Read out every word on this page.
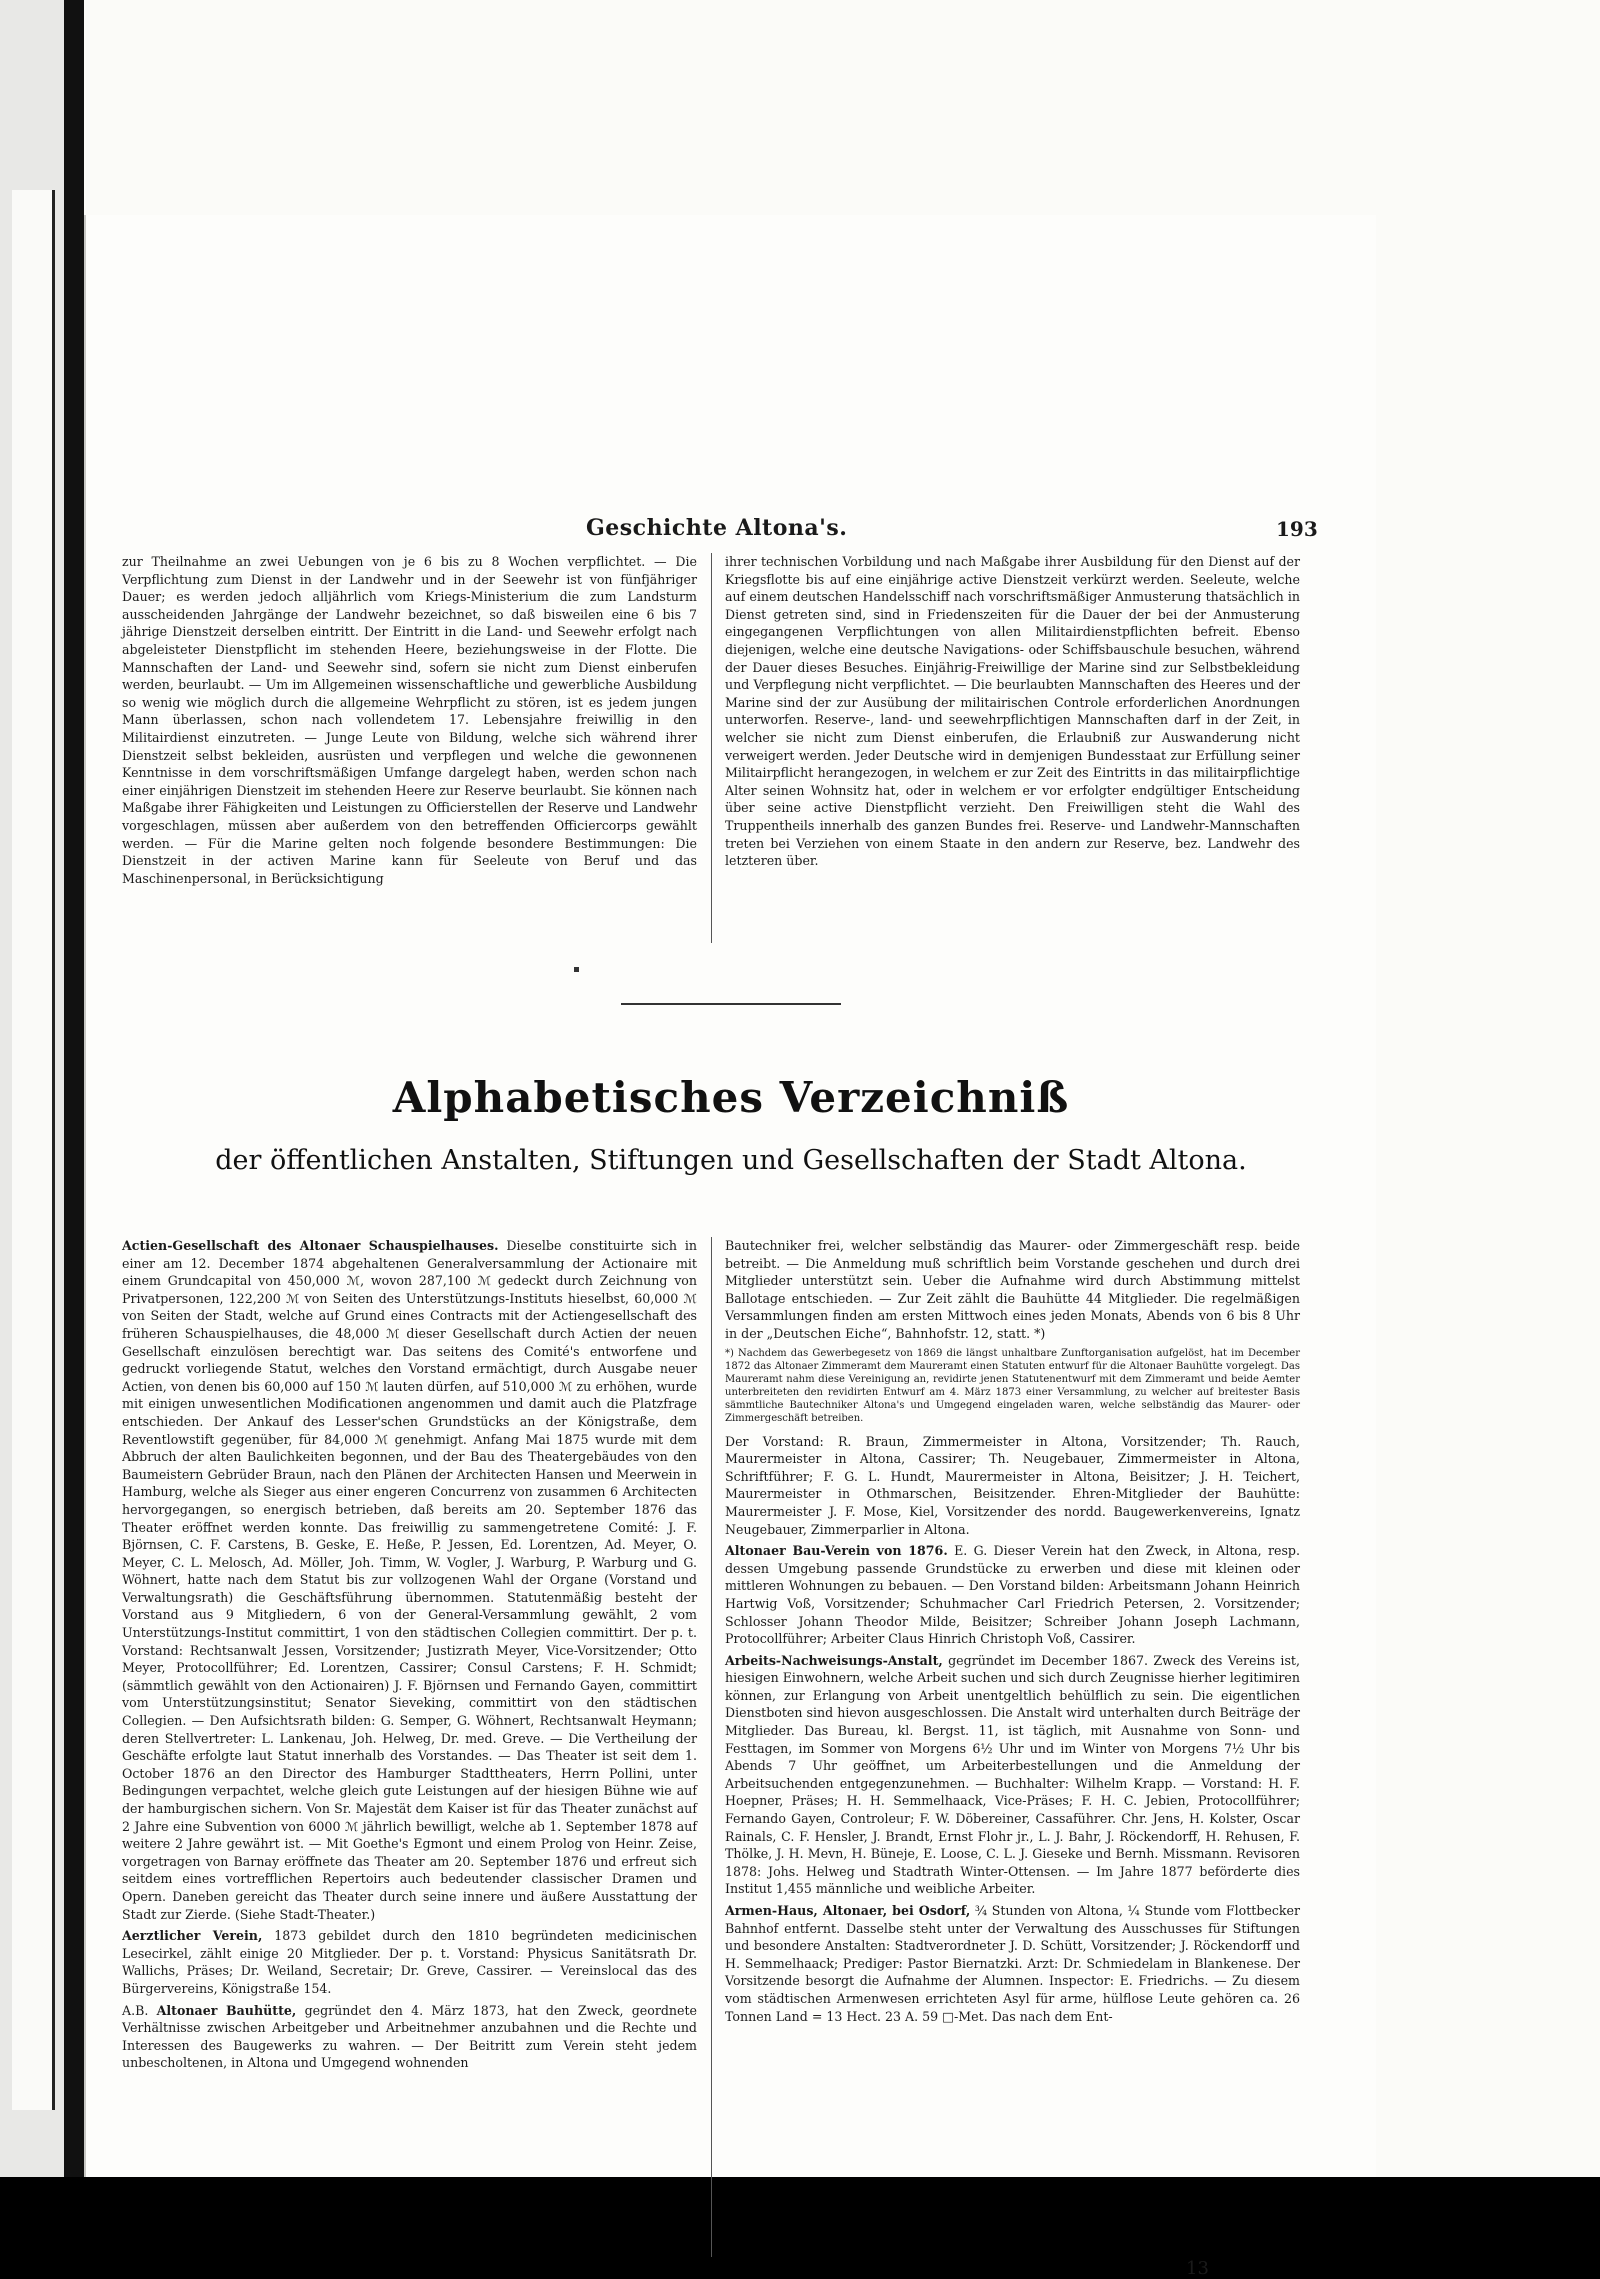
Geschichte Altona's.	193

zur Theilnahme an zwei Uebungen von je 6 bis zu 8 Wochen verpflichtet. — Die Verpflichtung zum Dienst in der Landwehr und in der Seewehr ist von fünfjähriger Dauer; es werden jedoch alljährlich vom Kriegs-Ministerium die zum Landsturm ausscheidenden Jahrgänge der Landwehr bezeichnet, so daß bisweilen eine 6 bis 7 jährige Dienstzeit derselben eintritt. Der Eintritt in die Land- und Seewehr erfolgt nach abgeleisteter Dienstpflicht im stehenden Heere, beziehungsweise in der Flotte. Die Mannschaften der Land- und Seewehr sind, sofern sie nicht zum Dienst einberufen werden, beurlaubt. — Um im Allgemeinen wissenschaftliche und gewerbliche Ausbildung so wenig wie möglich durch die allgemeine Wehrpflicht zu stören, ist es jedem jungen Mann überlassen, schon nach vollendetem 17. Lebensjahre freiwillig in den Militairdienst einzutreten. — Junge Leute von Bildung, welche sich während ihrer Dienstzeit selbst bekleiden, ausrüsten und verpflegen und welche die gewonnenen Kenntnisse in dem vorschriftsmäßigen Umfange dargelegt haben, werden schon nach einer einjährigen Dienstzeit im stehenden Heere zur Reserve beurlaubt. Sie können nach Maßgabe ihrer Fähigkeiten und Leistungen zu Officierstellen der Reserve und Landwehr vorgeschlagen, müssen aber außerdem von den betreffenden Officiercorps gewählt werden. — Für die Marine gelten noch folgende besondere Bestimmungen: Die Dienstzeit in der activen Marine kann für Seeleute von Beruf und das Maschinenpersonal, in Berücksichtigung

ihrer technischen Vorbildung und nach Maßgabe ihrer Ausbildung für den Dienst auf der Kriegsflotte bis auf eine einjährige active Dienstzeit verkürzt werden. Seeleute, welche auf einem deutschen Handelsschiff nach vorschriftsmäßiger Anmusterung thatsächlich in Dienst getreten sind, sind in Friedenszeiten für die Dauer der bei der Anmusterung eingegangenen Verpflichtungen von allen Militairdienstpflichten befreit. Ebenso diejenigen, welche eine deutsche Navigations- oder Schiffsbauschule besuchen, während der Dauer dieses Besuches. Einjährig-Freiwillige der Marine sind zur Selbstbekleidung und Verpflegung nicht verpflichtet. — Die beurlaubten Mannschaften des Heeres und der Marine sind der zur Ausübung der militairischen Controle erforderlichen Anordnungen unterworfen. Reserve-, land- und seewehrpflichtigen Mannschaften darf in der Zeit, in welcher sie nicht zum Dienst einberufen, die Erlaubniß zur Auswanderung nicht verweigert werden. Jeder Deutsche wird in demjenigen Bundesstaat zur Erfüllung seiner Militairpflicht herangezogen, in welchem er zur Zeit des Eintritts in das militairpflichtige Alter seinen Wohnsitz hat, oder in welchem er vor erfolgter endgültiger Entscheidung über seine active Dienstpflicht verzieht. Den Freiwilligen steht die Wahl des Truppentheils innerhalb des ganzen Bundes frei. Reserve- und Landwehr-Mannschaften treten bei Verziehen von einem Staate in den andern zur Reserve, bez. Landwehr des letzteren über.

Alphabetisches Verzeichniß
der öffentlichen Anstalten, Stiftungen und Gesellschaften der Stadt Altona.

Actien-Gesellschaft des Altonaer Schauspielhauses. Dieselbe constituirte sich in einer am 12. December 1874 abgehaltenen Generalversammlung der Actionaire mit einem Grundcapital von 450,000 ℳ, wovon 287,100 ℳ gedeckt durch Zeichnung von Privatpersonen, 122,200 ℳ von Seiten des Unterstützungs-Instituts hieselbst, 60,000 ℳ von Seiten der Stadt, welche auf Grund eines Contracts mit der Actiengesellschaft des früheren Schauspielhauses, die 48,000 ℳ dieser Gesellschaft durch Actien der neuen Gesellschaft einzulösen berechtigt war. Das seitens des Comité's entworfene und gedruckt vorliegende Statut, welches den Vorstand ermächtigt, durch Ausgabe neuer Actien, von denen bis 60,000 auf 150 ℳ lauten dürfen, auf 510,000 ℳ zu erhöhen, wurde mit einigen unwesentlichen Modificationen angenommen und damit auch die Platzfrage entschieden. Der Ankauf des Lesser'schen Grundstücks an der Königstraße, dem Reventlowstift gegenüber, für 84,000 ℳ genehmigt. Anfang Mai 1875 wurde mit dem Abbruch der alten Baulichkeiten begonnen, und der Bau des Theatergebäudes von den Baumeistern Gebrüder Braun, nach den Plänen der Architecten Hansen und Meerwein in Hamburg, welche als Sieger aus einer engeren Concurrenz von zusammen 6 Architecten hervorgegangen, so energisch betrieben, daß bereits am 20. September 1876 das Theater eröffnet werden konnte. Das freiwillig zu sammengetretene Comité: J. F. Björnsen, C. F. Carstens, B. Geske, E. Heße, P. Jessen, Ed. Lorentzen, Ad. Meyer, O. Meyer, C. L. Melosch, Ad. Möller, Joh. Timm, W. Vogler, J. Warburg, P. Warburg und G. Wöhnert, hatte nach dem Statut bis zur vollzogenen Wahl der Organe (Vorstand und Verwaltungsrath) die Geschäftsführung übernommen. Statutenmäßig besteht der Vorstand aus 9 Mitgliedern, 6 von der General-Versammlung gewählt, 2 vom Unterstützungs-Institut committirt, 1 von den städtischen Collegien committirt. Der p. t. Vorstand: Rechtsanwalt Jessen, Vorsitzender; Justizrath Meyer, Vice-Vorsitzender; Otto Meyer, Protocollführer; Ed. Lorentzen, Cassirer; Consul Carstens; F. H. Schmidt; (sämmtlich gewählt von den Actionairen) J. F. Björnsen und Fernando Gayen, committirt vom Unterstützungsinstitut; Senator Sieveking, committirt von den städtischen Collegien. — Den Aufsichtsrath bilden: G. Semper, G. Wöhnert, Rechtsanwalt Heymann; deren Stellvertreter: L. Lankenau, Joh. Helweg, Dr. med. Greve. — Die Vertheilung der Geschäfte erfolgte laut Statut innerhalb des Vorstandes. — Das Theater ist seit dem 1. October 1876 an den Director des Hamburger Stadttheaters, Herrn Pollini, unter Bedingungen verpachtet, welche gleich gute Leistungen auf der hiesigen Bühne wie auf der hamburgischen sichern. Von Sr. Majestät dem Kaiser ist für das Theater zunächst auf 2 Jahre eine Subvention von 6000 ℳ jährlich bewilligt, welche ab 1. September 1878 auf weitere 2 Jahre gewährt ist. — Mit Goethe's Egmont und einem Prolog von Heinr. Zeise, vorgetragen von Barnay eröffnete das Theater am 20. September 1876 und erfreut sich seitdem eines vortrefflichen Repertoirs auch bedeutender classischer Dramen und Opern. Daneben gereicht das Theater durch seine innere und äußere Ausstattung der Stadt zur Zierde. (Siehe Stadt-Theater.)

Aerztlicher Verein, 1873 gebildet durch den 1810 begründeten medicinischen Lesecirkel, zählt einige 20 Mitglieder. Der p. t. Vorstand: Physicus Sanitätsrath Dr. Wallichs, Präses; Dr. Weiland, Secretair; Dr. Greve, Cassirer. — Vereinslocal das des Bürgervereins, Königstraße 154.

A.B. Altonaer Bauhütte, gegründet den 4. März 1873, hat den Zweck, geordnete Verhältnisse zwischen Arbeitgeber und Arbeitnehmer anzubahnen und die Rechte und Interessen des Baugewerks zu wahren. — Der Beitritt zum Verein steht jedem unbescholtenen, in Altona und Umgegend wohnenden

Bautechniker frei, welcher selbständig das Maurer- oder Zimmergeschäft resp. beide betreibt. — Die Anmeldung muß schriftlich beim Vorstande geschehen und durch drei Mitglieder unterstützt sein. Ueber die Aufnahme wird durch Abstimmung mittelst Ballotage entschieden. — Zur Zeit zählt die Bauhütte 44 Mitglieder. Die regelmäßigen Versammlungen finden am ersten Mittwoch eines jeden Monats, Abends von 6 bis 8 Uhr in der „Deutschen Eiche“, Bahnhofstr. 12, statt. *)

*) Nachdem das Gewerbegesetz von 1869 die längst unhaltbare Zunftorganisation aufgelöst, hat im December 1872 das Altonaer Zimmeramt dem Maureramt einen Statuten entwurf für die Altonaer Bauhütte vorgelegt. Das Maureramt nahm diese Vereinigung an, revidirte jenen Statutenentwurf mit dem Zimmeramt und beide Aemter unterbreiteten den revidirten Entwurf am 4. März 1873 einer Versammlung, zu welcher auf breitester Basis sämmtliche Bautechniker Altona's und Umgegend eingeladen waren, welche selbständig das Maurer- oder Zimmergeschäft betreiben.

Der Vorstand: R. Braun, Zimmermeister in Altona, Vorsitzender; Th. Rauch, Maurermeister in Altona, Cassirer; Th. Neugebauer, Zimmermeister in Altona, Schriftführer; F. G. L. Hundt, Maurermeister in Altona, Beisitzer; J. H. Teichert, Maurermeister in Othmarschen, Beisitzender. Ehren-Mitglieder der Bauhütte: Maurermeister J. F. Mose, Kiel, Vorsitzender des nordd. Baugewerkenvereins, Ignatz Neugebauer, Zimmerparlier in Altona.

Altonaer Bau-Verein von 1876. E. G. Dieser Verein hat den Zweck, in Altona, resp. dessen Umgebung passende Grundstücke zu erwerben und diese mit kleinen oder mittleren Wohnungen zu bebauen. — Den Vorstand bilden: Arbeitsmann Johann Heinrich Hartwig Voß, Vorsitzender; Schuhmacher Carl Friedrich Petersen, 2. Vorsitzender; Schlosser Johann Theodor Milde, Beisitzer; Schreiber Johann Joseph Lachmann, Protocollführer; Arbeiter Claus Hinrich Christoph Voß, Cassirer.

Arbeits-Nachweisungs-Anstalt, gegründet im December 1867. Zweck des Vereins ist, hiesigen Einwohnern, welche Arbeit suchen und sich durch Zeugnisse hierher legitimiren können, zur Erlangung von Arbeit unentgeltlich behülflich zu sein. Die eigentlichen Dienstboten sind hievon ausgeschlossen. Die Anstalt wird unterhalten durch Beiträge der Mitglieder. Das Bureau, kl. Bergst. 11, ist täglich, mit Ausnahme von Sonn- und Festtagen, im Sommer von Morgens 6½ Uhr und im Winter von Morgens 7½ Uhr bis Abends 7 Uhr geöffnet, um Arbeiterbestellungen und die Anmeldung der Arbeitsuchenden entgegenzunehmen. — Buchhalter: Wilhelm Krapp. — Vorstand: H. F. Hoepner, Präses; H. H. Semmelhaack, Vice-Präses; F. H. C. Jebien, Protocollführer; Fernando Gayen, Controleur; F. W. Döbereiner, Cassaführer. Chr. Jens, H. Kolster, Oscar Rainals, C. F. Hensler, J. Brandt, Ernst Flohr jr., L. J. Bahr, J. Röckendorff, H. Rehusen, F. Thölke, J. H. Mevn, H. Büneje, E. Loose, C. L. J. Gieseke und Bernh. Missmann. Revisoren 1878: Johs. Helweg und Stadtrath Winter-Ottensen. — Im Jahre 1877 beförderte dies Institut 1,455 männliche und weibliche Arbeiter.

Armen-Haus, Altonaer, bei Osdorf, ¾ Stunden von Altona, ¼ Stunde vom Flottbecker Bahnhof entfernt. Dasselbe steht unter der Verwaltung des Ausschusses für Stiftungen und besondere Anstalten: Stadtverordneter J. D. Schütt, Vorsitzender; J. Röckendorff und H. Semmelhaack; Prediger: Pastor Biernatzki. Arzt: Dr. Schmiedelam in Blankenese. Der Vorsitzende besorgt die Aufnahme der Alumnen. Inspector: E. Friedrichs. — Zu diesem vom städtischen Armenwesen errichteten Asyl für arme, hülflose Leute gehören ca. 26 Tonnen Land = 13 Hect. 23 A. 59 □-Met. Das nach dem Ent-

13
